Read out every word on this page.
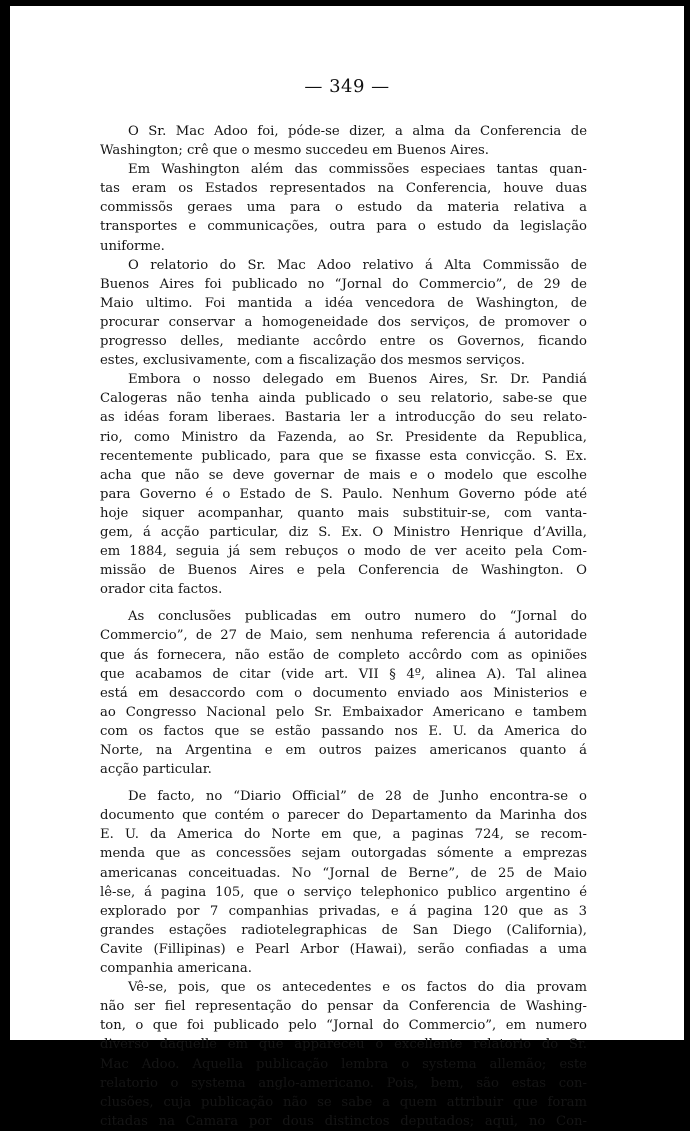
— 349 —
O Sr. Mac Adoo foi, póde-se dizer, a alma da Conferencia de
Washington; crê que o mesmo succedeu em Buenos Aires.
Em Washington além das commissões especiaes tantas quan-
tas eram os Estados representados na Conferencia, houve duas
commissõs geraes uma para o estudo da materia relativa a
transportes e communicações, outra para o estudo da legislação
uniforme.
O relatorio do Sr. Mac Adoo relativo á Alta Commissão de
Buenos Aires foi publicado no “Jornal do Commercio”, de 29 de
Maio ultimo. Foi mantida a idéa vencedora de Washington, de
procurar conservar a homogeneidade dos serviços, de promover o
progresso delles, mediante accôrdo entre os Governos, ficando
estes, exclusivamente, com a fiscalização dos mesmos serviços.
Embora o nosso delegado em Buenos Aires, Sr. Dr. Pandiá
Calogeras não tenha ainda publicado o seu relatorio, sabe-se que
as idéas foram liberaes. Bastaria ler a introducção do seu relato-
rio, como Ministro da Fazenda, ao Sr. Presidente da Republica,
recentemente publicado, para que se fixasse esta convicção. S. Ex.
acha que não se deve governar de mais e o modelo que escolhe
para Governo é o Estado de S. Paulo. Nenhum Governo póde até
hoje siquer acompanhar, quanto mais substituir-se, com vanta-
gem, á acção particular, diz S. Ex. O Ministro Henrique d’Avilla,
em 1884, seguia já sem rebuços o modo de ver aceito pela Com-
missão de Buenos Aires e pela Conferencia de Washington. O
orador cita factos.
As conclusões publicadas em outro numero do “Jornal do
Commercio”, de 27 de Maio, sem nenhuma referencia á autoridade
que ás fornecera, não estão de completo accôrdo com as opiniões
que acabamos de citar (vide art. VII § 4º, alinea A). Tal alinea
está em desaccordo com o documento enviado aos Ministerios e
ao Congresso Nacional pelo Sr. Embaixador Americano e tambem
com os factos que se estão passando nos E. U. da America do
Norte, na Argentina e em outros paizes americanos quanto á
acção particular.
De facto, no “Diario Official” de 28 de Junho encontra-se o
documento que contém o parecer do Departamento da Marinha dos
E. U. da America do Norte em que, a paginas 724, se recom-
menda que as concessões sejam outorgadas sómente a emprezas
americanas conceituadas. No “Jornal de Berne”, de 25 de Maio
lê-se, á pagina 105, que o serviço telephonico publico argentino é
explorado por 7 companhias privadas, e á pagina 120 que as 3
grandes estações radiotelegraphicas de San Diego (California),
Cavite (Fillipinas) e Pearl Arbor (Hawai), serão confiadas a uma
companhia americana.
Vê-se, pois, que os antecedentes e os factos do dia provam
não ser fiel representação do pensar da Conferencia de Washing-
ton, o que foi publicado pelo “Jornal do Commercio”, em numero
diverso daquelle em que appareceu o excellente relatorio do Sr.
Mac Adoo. Aquella publicação lembra o systema allemão; este
relatorio o systema anglo-americano. Pois, bem, são estas con-
clusões, cuja publicação não se sabe a quem attribuir que foram
citadas na Camara por dous distinctos deputados; aqui, no Con-
